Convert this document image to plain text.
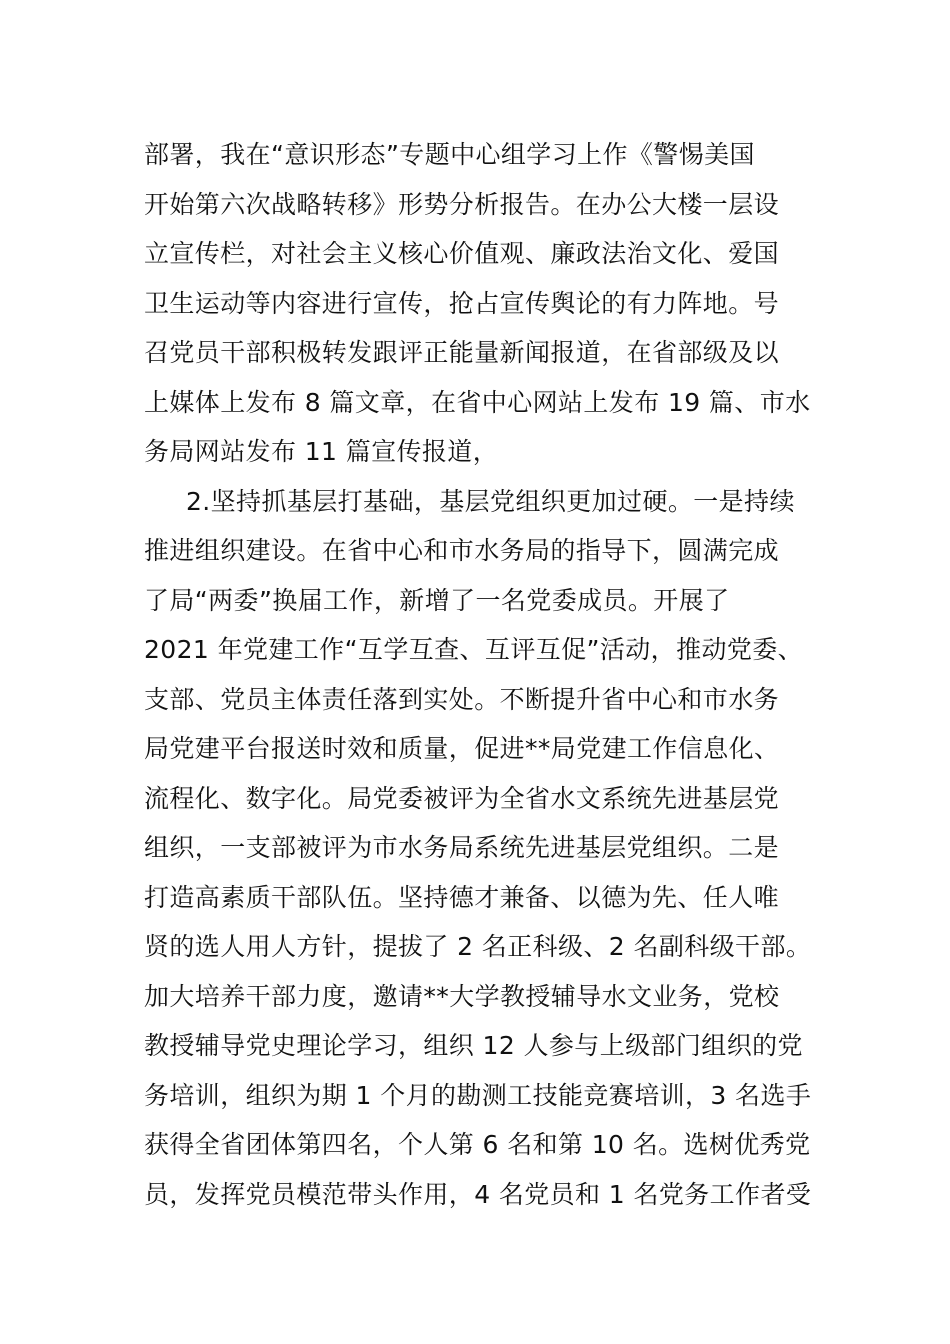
部署，我在“意识形态”专题中心组学习上作《警惕美国
开始第六次战略转移》形势分析报告。在办公大楼一层设
立宣传栏，对社会主义核心价值观、廉政法治文化、爱国
卫生运动等内容进行宣传，抢占宣传舆论的有力阵地。号
召党员干部积极转发跟评正能量新闻报道，在省部级及以
上媒体上发布 8 篇文章，在省中心网站上发布 19 篇、市水
务局网站发布 11 篇宣传报道，
2.坚持抓基层打基础，基层党组织更加过硬。一是持续
推进组织建设。在省中心和市水务局的指导下，圆满完成
了局“两委”换届工作，新增了一名党委成员。开展了
2021 年党建工作“互学互查、互评互促”活动，推动党委、
支部、党员主体责任落到实处。不断提升省中心和市水务
局党建平台报送时效和质量，促进**局党建工作信息化、
流程化、数字化。局党委被评为全省水文系统先进基层党
组织，一支部被评为市水务局系统先进基层党组织。二是
打造高素质干部队伍。坚持德才兼备、以德为先、任人唯
贤的选人用人方针，提拔了 2 名正科级、2 名副科级干部。
加大培养干部力度，邀请**大学教授辅导水文业务，党校
教授辅导党史理论学习，组织 12 人参与上级部门组织的党
务培训，组织为期 1 个月的勘测工技能竞赛培训，3 名选手
获得全省团体第四名，个人第 6 名和第 10 名。选树优秀党
员，发挥党员模范带头作用，4 名党员和 1 名党务工作者受
